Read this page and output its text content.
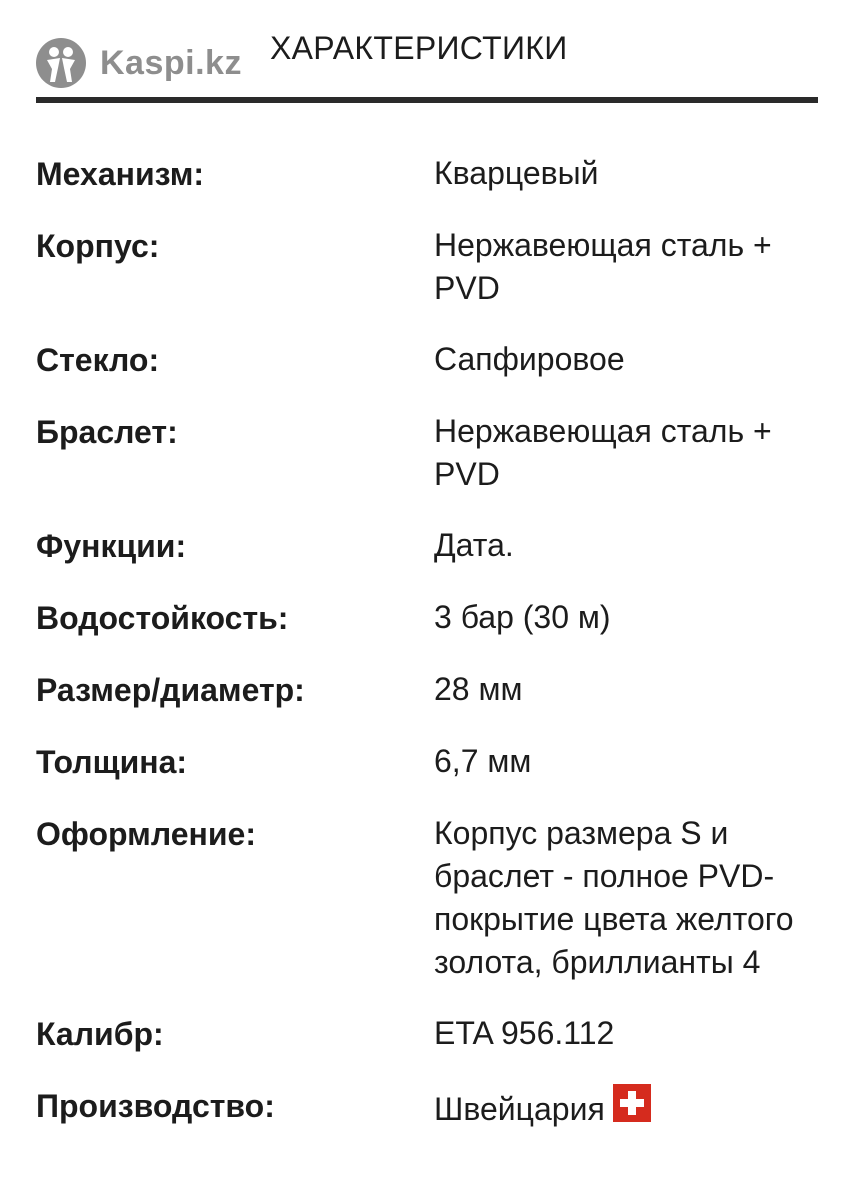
Kaspi.kz ХАРАКТЕРИСТИКИ
Механизм:	Кварцевый
Корпус:	Нержавеющая сталь + PVD
Стекло:	Сапфировое
Браслет:	Нержавеющая сталь + PVD
Функции:	Дата.
Водостойкость:	3 бар (30 м)
Размер/диаметр:	28 мм
Толщина:	6,7 мм
Оформление:	Корпус размера S и браслет - полное PVD-покрытие цвета желтого золота, бриллианты 4
Калибр:	ETA 956.112
Производство:	Швейцария
